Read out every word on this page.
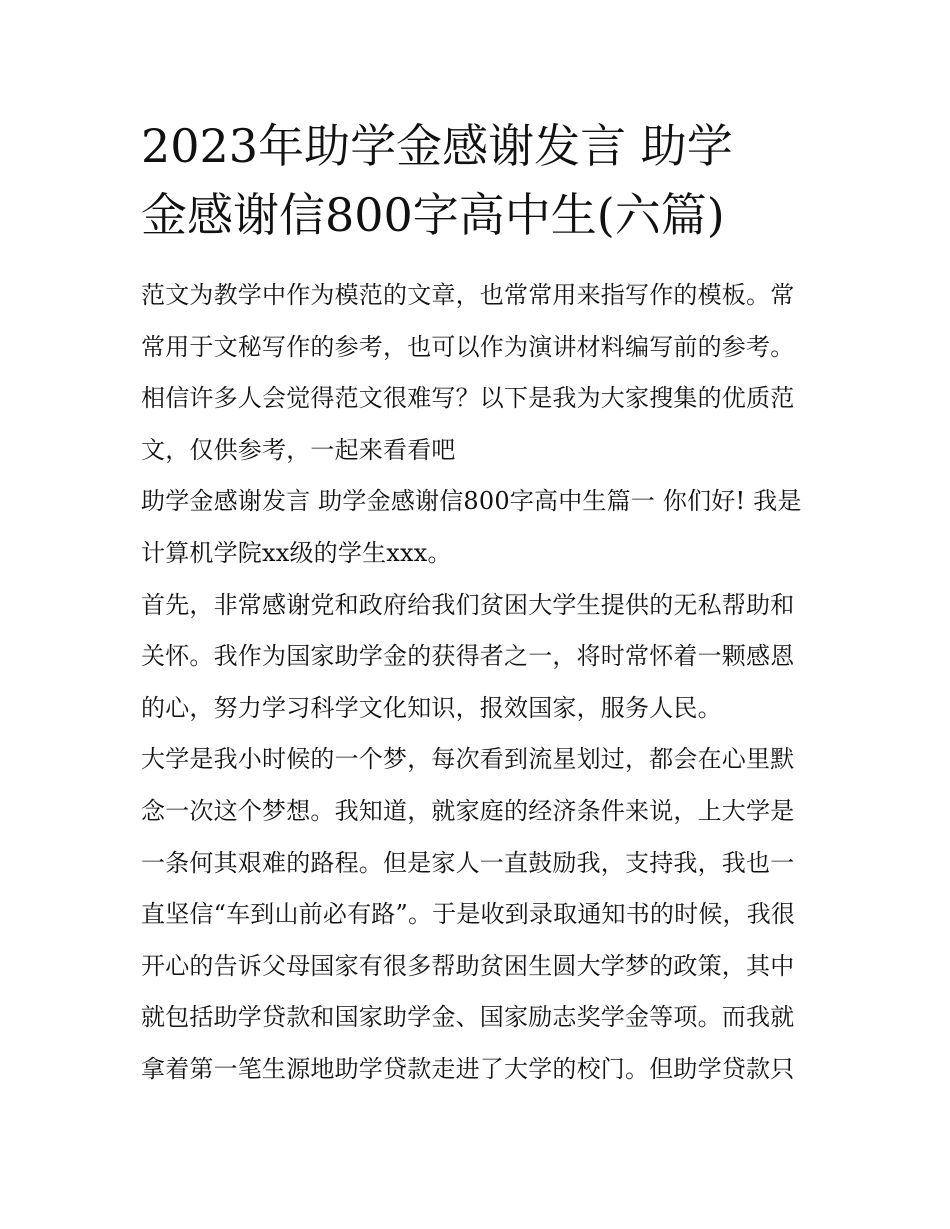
2023年助学金感谢发言 助学
金感谢信800字高中生(六篇)

范文为教学中作为模范的文章，也常常用来指写作的模板。常常用于文秘写作的参考，也可以作为演讲材料编写前的参考。相信许多人会觉得范文很难写？以下是我为大家搜集的优质范文，仅供参考，一起来看看吧

助学金感谢发言 助学金感谢信800字高中生篇一 你们好! 我是计算机学院xx级的学生xxx。

首先，非常感谢党和政府给我们贫困大学生提供的无私帮助和关怀。我作为国家助学金的获得者之一，将时常怀着一颗感恩的心，努力学习科学文化知识，报效国家，服务人民。

大学是我小时候的一个梦，每次看到流星划过，都会在心里默念一次这个梦想。我知道，就家庭的经济条件来说，上大学是一条何其艰难的路程。但是家人一直鼓励我，支持我，我也一直坚信“车到山前必有路”。于是收到录取通知书的时候，我很开心的告诉父母国家有很多帮助贫困生圆大学梦的政策，其中就包括助学贷款和国家助学金、国家励志奖学金等项。而我就拿着第一笔生源地助学贷款走进了大学的校门。但助学贷款只
